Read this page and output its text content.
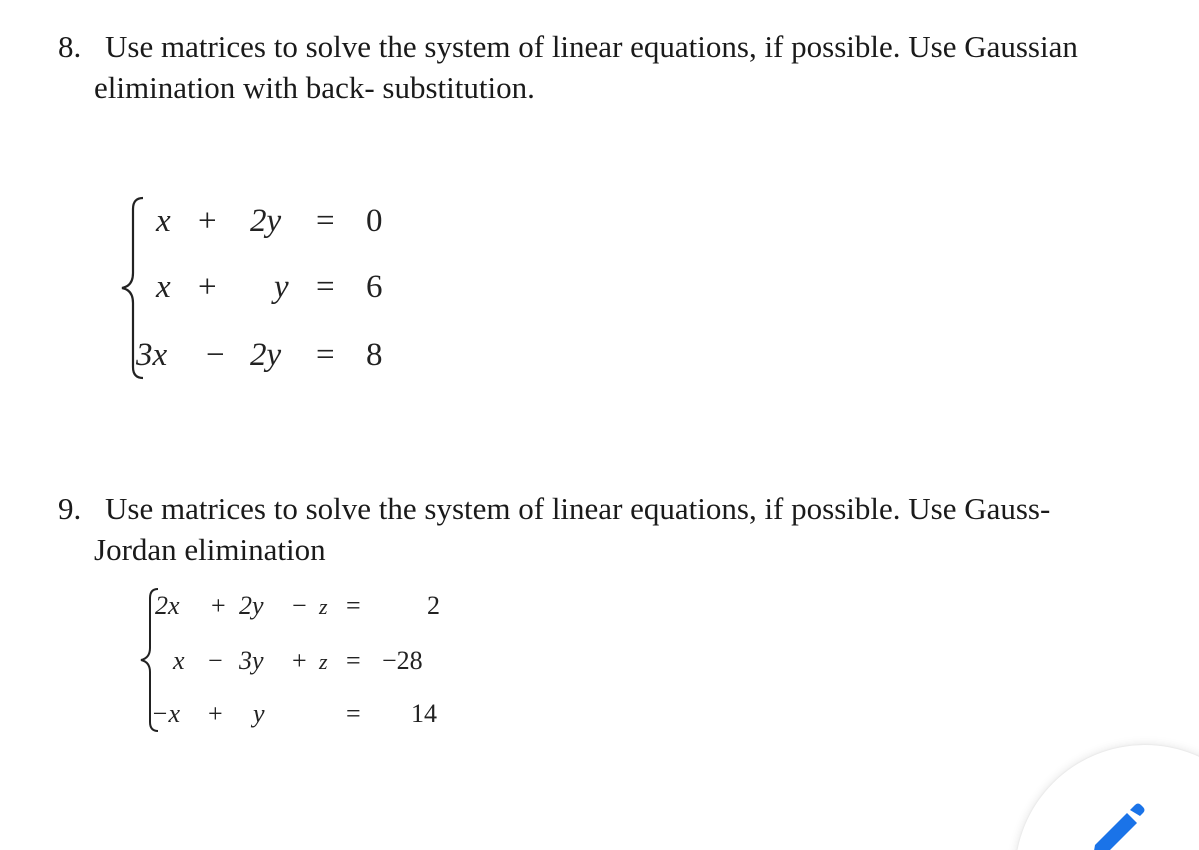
8. Use matrices to solve the system of linear equations, if possible. Use Gaussian
elimination with back- substitution.
x + 2y = 0
x + y = 6
3x − 2y = 8
9. Use matrices to solve the system of linear equations, if possible. Use Gauss-
Jordan elimination
2x + 2y − z =	2
x − 3y + z = −28
−x + y	= 14
